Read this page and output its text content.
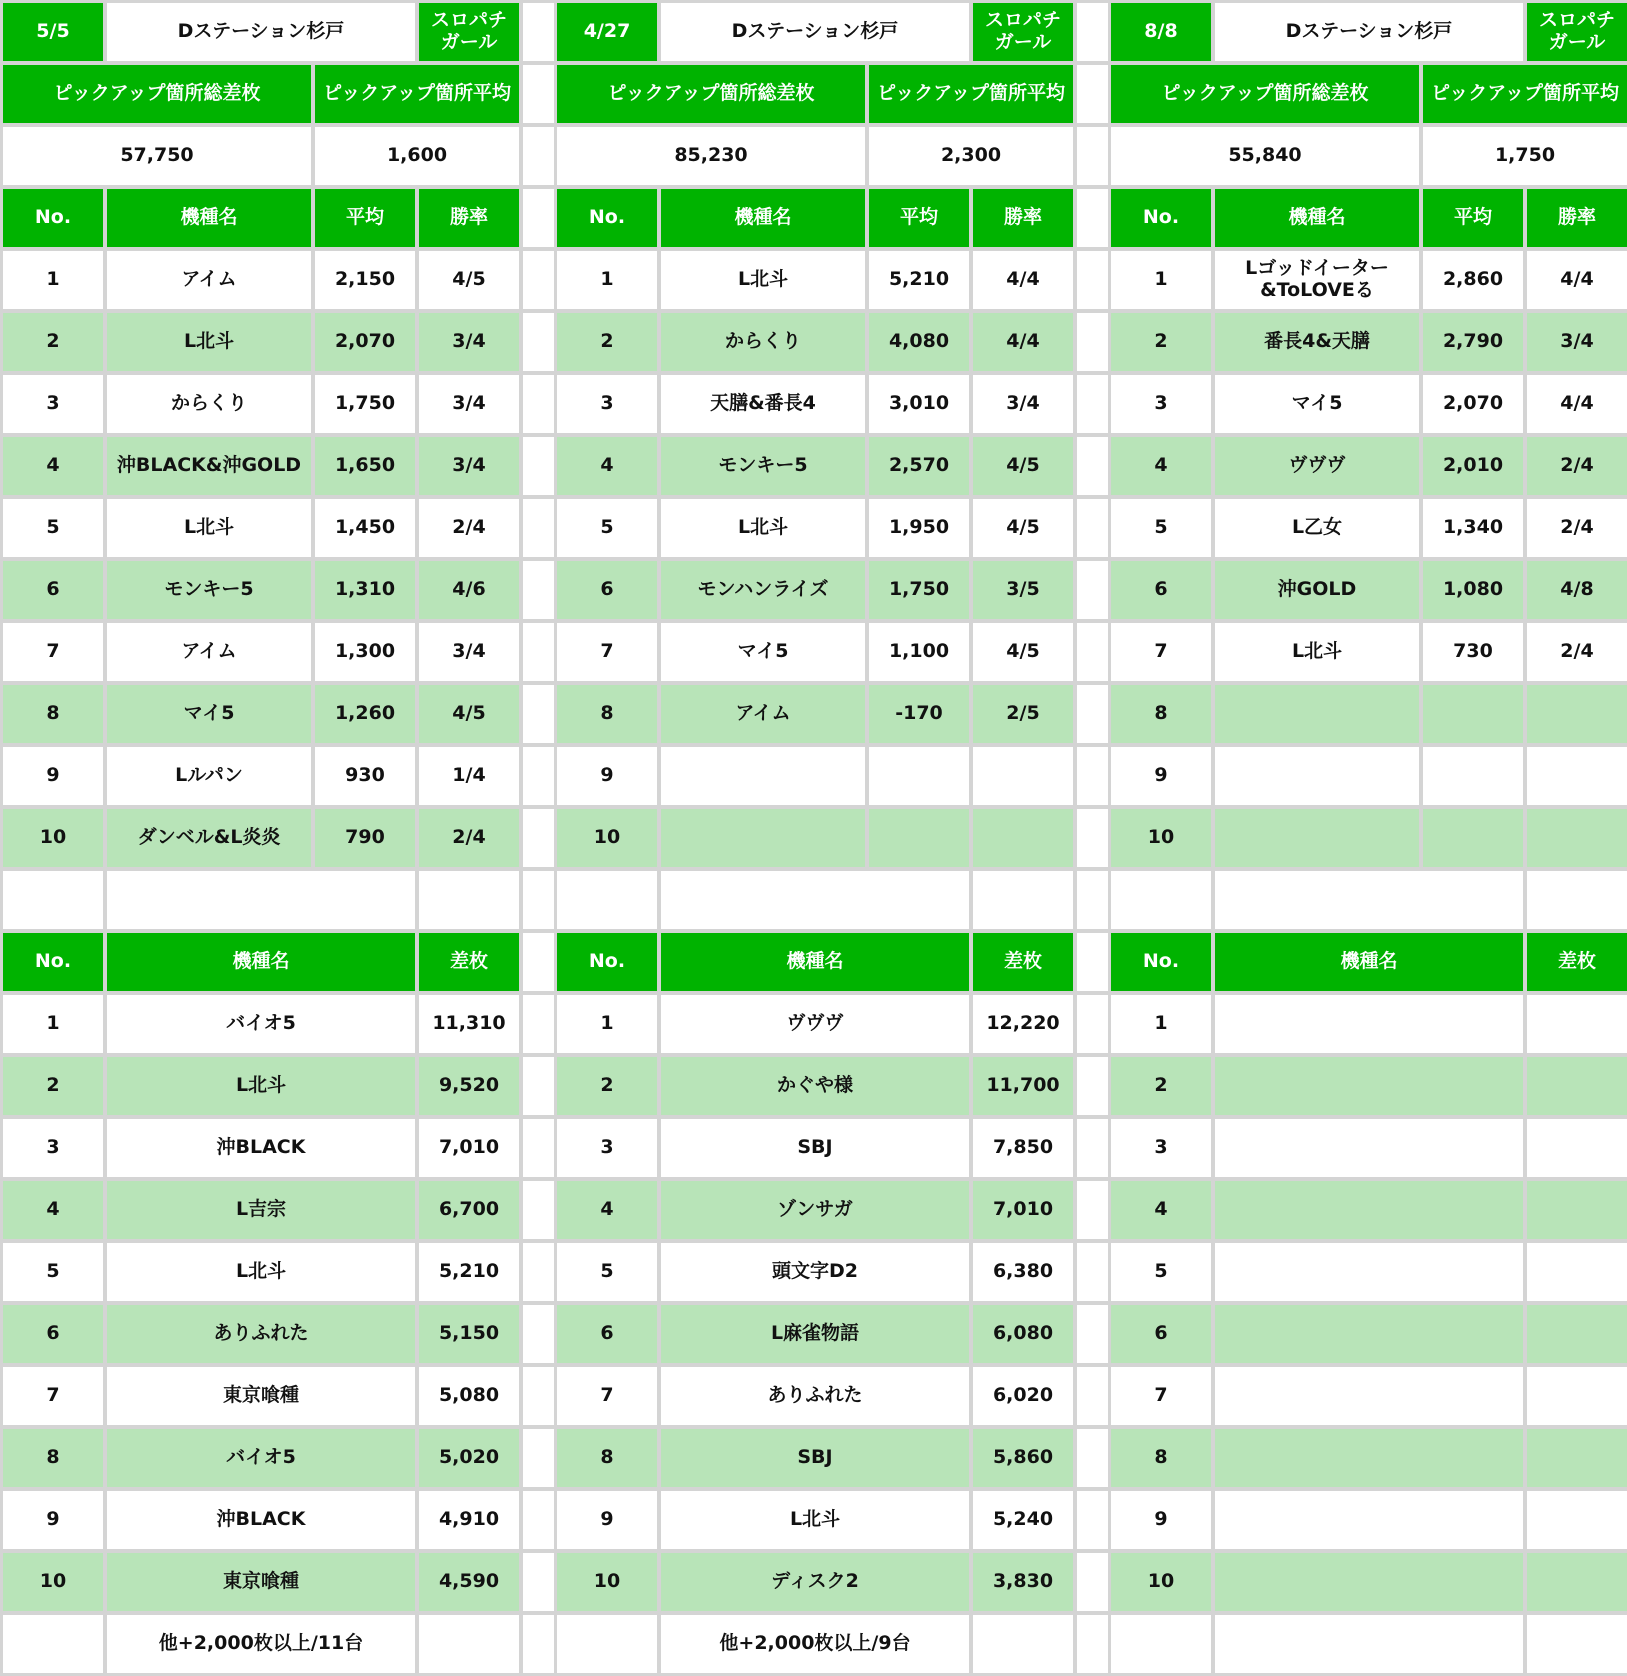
5/5	Dステーション杉戸	スロパチ
ガール
ピックアップ箇所総差枚	ピックアップ箇所平均
57,750	1,600
No.	機種名	平均	勝率
1	アイム	2,150	4/5
2	L北斗	2,070	3/4
3	からくり	1,750	3/4
4	沖BLACK&沖GOLD	1,650	3/4
5	L北斗	1,450	2/4
6	モンキー5	1,310	4/6
7	アイム	1,300	3/4
8	マイ5	1,260	4/5
9	Lルパン	930	1/4
10	ダンベル&L炎炎	790	2/4
No.	機種名	差枚
1	バイオ5	11,310
2	L北斗	9,520
3	沖BLACK	7,010
4	L吉宗	6,700
5	L北斗	5,210
6	ありふれた	5,150
7	東京喰種	5,080
8	バイオ5	5,020
9	沖BLACK	4,910
10	東京喰種	4,590
他+2,000枚以上/11台
4/27	Dステーション杉戸	スロパチ
ガール
ピックアップ箇所総差枚	ピックアップ箇所平均
85,230	2,300
No.	機種名	平均	勝率
1	L北斗	5,210	4/4
2	からくり	4,080	4/4
3	天膳&番長4	3,010	3/4
4	モンキー5	2,570	4/5
5	L北斗	1,950	4/5
6	モンハンライズ	1,750	3/5
7	マイ5	1,100	4/5
8	アイム	-170	2/5
9
10
No.	機種名	差枚
1	ヴヴヴ	12,220
2	かぐや様	11,700
3	SBJ	7,850
4	ゾンサガ	7,010
5	頭文字D2	6,380
6	L麻雀物語	6,080
7	ありふれた	6,020
8	SBJ	5,860
9	L北斗	5,240
10	ディスク2	3,830
他+2,000枚以上/9台
8/8	Dステーション杉戸	スロパチ
ガール
ピックアップ箇所総差枚	ピックアップ箇所平均
55,840	1,750
No.	機種名	平均	勝率
1	Lゴッドイーター
&ToLOVEる	2,860	4/4
2	番長4&天膳	2,790	3/4
3	マイ5	2,070	4/4
4	ヴヴヴ	2,010	2/4
5	L乙女	1,340	2/4
6	沖GOLD	1,080	4/8
7	L北斗	730	2/4
8
9
10
No.	機種名	差枚
1
2
3
4
5
6
7
8
9
10
